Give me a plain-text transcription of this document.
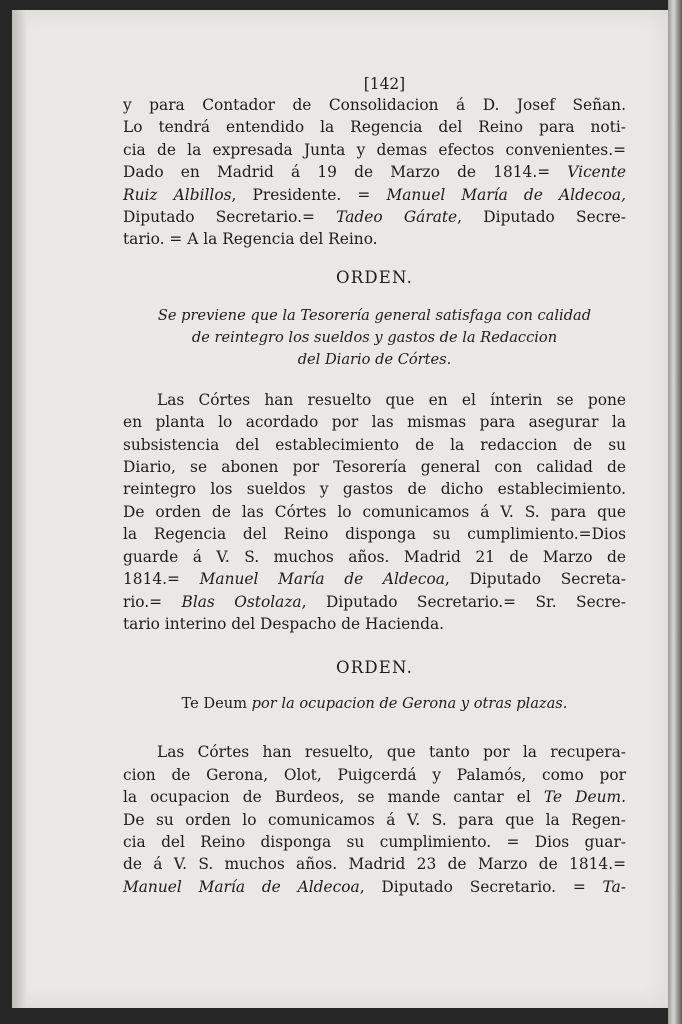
[142]
y para Contador de Consolidacion á D. Josef Señan.
Lo tendrá entendido la Regencia del Reino para noti-
cia de la expresada Junta y demas efectos convenientes.=
Dado en Madrid á 19 de Marzo de 1814.= Vicente
Ruiz Albillos, Presidente. = Manuel María de Aldecoa,
Diputado Secretario.= Tadeo Gárate, Diputado Secre-
tario. = A la Regencia del Reino.
ORDEN.
Se previene que la Tesorería general satisfaga con calidad
de reintegro los sueldos y gastos de la Redaccion
del Diario de Córtes.
Las Córtes han resuelto que en el ínterin se pone
en planta lo acordado por las mismas para asegurar la
subsistencia del establecimiento de la redaccion de su
Diario, se abonen por Tesorería general con calidad de
reintegro los sueldos y gastos de dicho establecimiento.
De orden de las Córtes lo comunicamos á V. S. para que
la Regencia del Reino disponga su cumplimiento.=Dios
guarde á V. S. muchos años. Madrid 21 de Marzo de
1814.= Manuel María de Aldecoa, Diputado Secreta-
rio.= Blas Ostolaza, Diputado Secretario.= Sr. Secre-
tario interino del Despacho de Hacienda.
ORDEN.
Te Deum por la ocupacion de Gerona y otras plazas.
Las Córtes han resuelto, que tanto por la recupera-
cion de Gerona, Olot, Puigcerdá y Palamós, como por
la ocupacion de Burdeos, se mande cantar el Te Deum.
De su orden lo comunicamos á V. S. para que la Regen-
cia del Reino disponga su cumplimiento. = Dios guar-
de á V. S. muchos años. Madrid 23 de Marzo de 1814.=
Manuel María de Aldecoa, Diputado Secretario. = Ta-
